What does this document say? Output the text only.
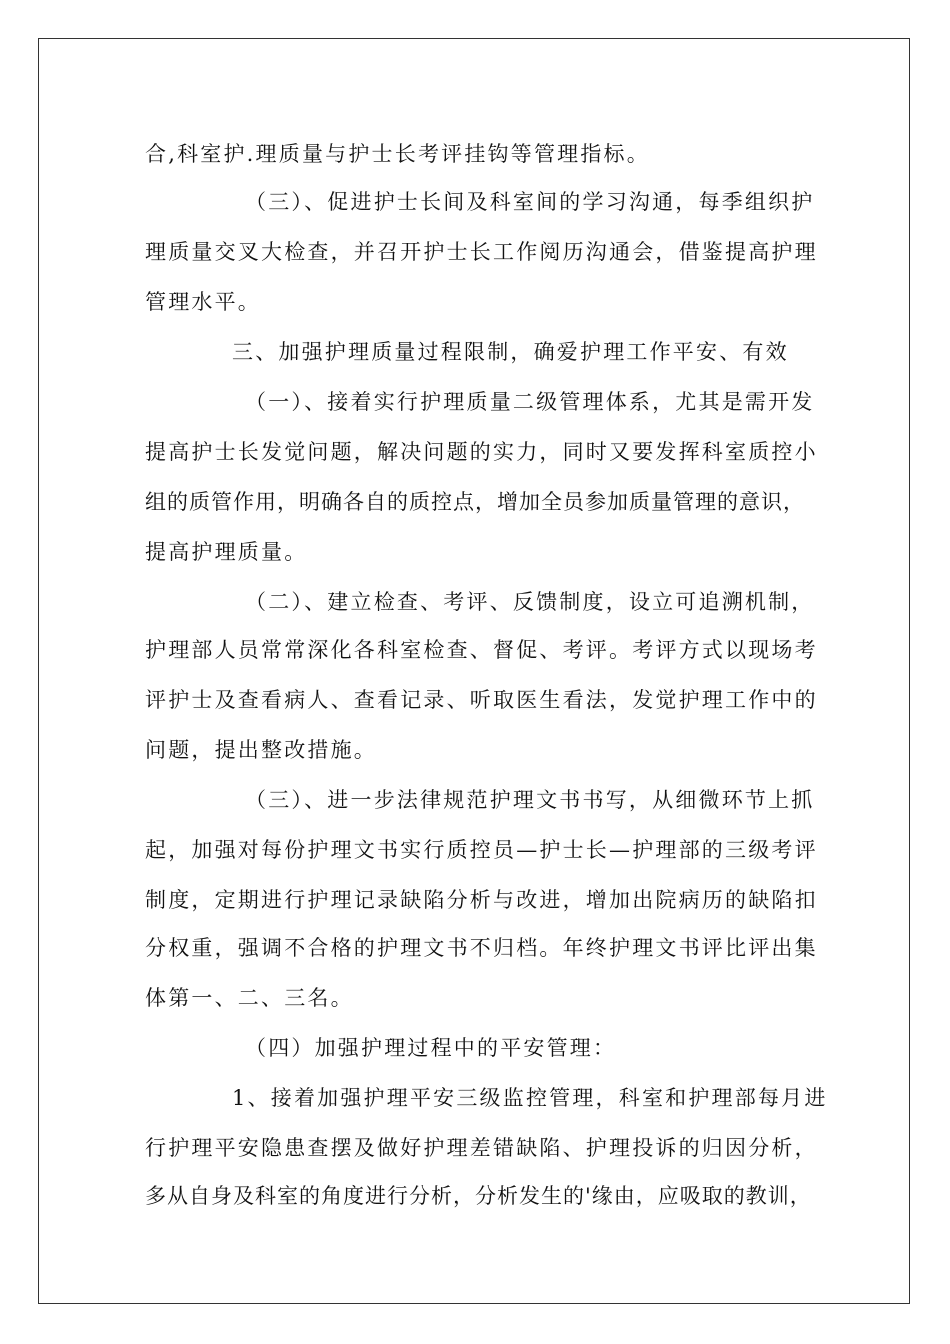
合,科室护.理质量与护士长考评挂钩等管理指标。
（三）、促进护士长间及科室间的学习沟通，每季组织护
理质量交叉大检查，并召开护士长工作阅历沟通会，借鉴提高护理
管理水平。
三、加强护理质量过程限制，确爱护理工作平安、有效
（一）、接着实行护理质量二级管理体系，尤其是需开发
提高护士长发觉问题，解决问题的实力，同时又要发挥科室质控小
组的质管作用，明确各自的质控点，增加全员参加质量管理的意识，
提高护理质量。
（二）、建立检查、考评、反馈制度，设立可追溯机制，
护理部人员常常深化各科室检查、督促、考评。考评方式以现场考
评护士及查看病人、查看记录、听取医生看法，发觉护理工作中的
问题，提出整改措施。
（三）、进一步法律规范护理文书书写，从细微环节上抓
起，加强对每份护理文书实行质控员—护士长—护理部的三级考评
制度，定期进行护理记录缺陷分析与改进，增加出院病历的缺陷扣
分权重，强调不合格的护理文书不归档。年终护理文书评比评出集
体第一、二、三名。
（四）加强护理过程中的平安管理：
1、接着加强护理平安三级监控管理，科室和护理部每月进
行护理平安隐患查摆及做好护理差错缺陷、护理投诉的归因分析，
多从自身及科室的角度进行分析，分析发生的'缘由，应吸取的教训，
